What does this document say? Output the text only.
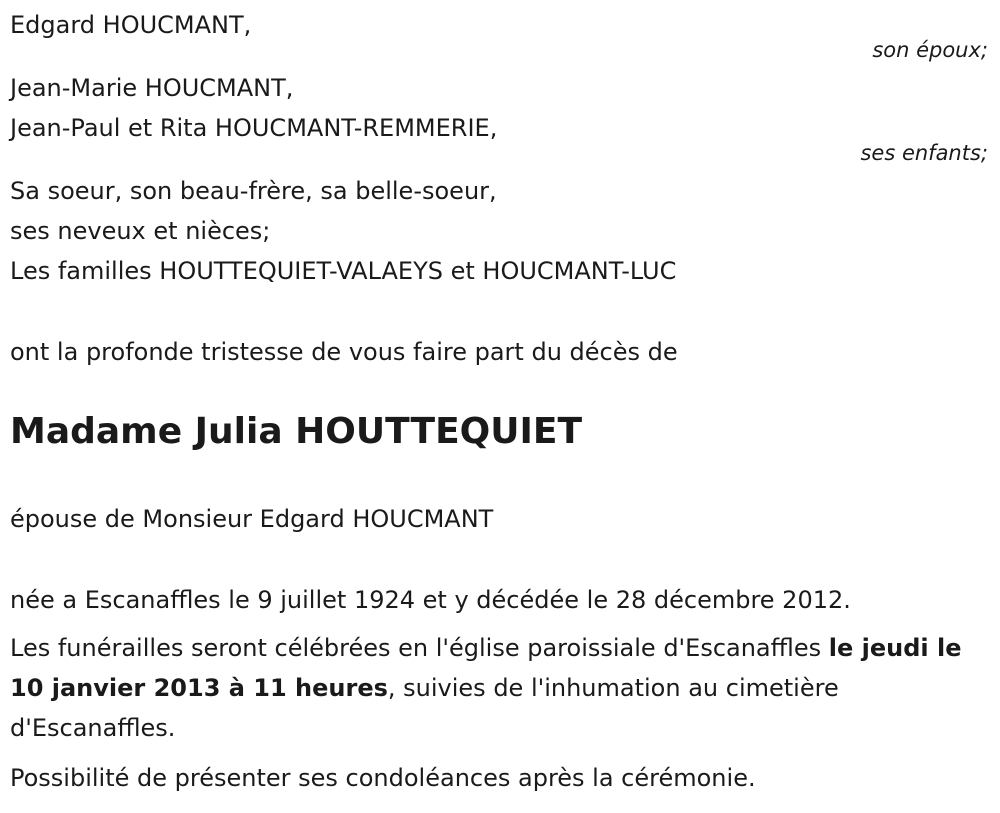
Edgard HOUCMANT,
son époux;
Jean-Marie HOUCMANT,
Jean-Paul et Rita HOUCMANT-REMMERIE,
ses enfants;
Sa soeur, son beau-frère, sa belle-soeur,
ses neveux et nièces;
Les familles HOUTTEQUIET-VALAEYS et HOUCMANT-LUC
ont la profonde tristesse de vous faire part du décès de
Madame Julia HOUTTEQUIET
épouse de Monsieur Edgard HOUCMANT
née a Escanaffles le 9 juillet 1924 et y décédée le 28 décembre 2012.
Les funérailles seront célébrées en l'église paroissiale d'Escanaffles le jeudi le 10 janvier 2013 à 11 heures, suivies de l'inhumation au cimetière d'Escanaffles.
Possibilité de présenter ses condoléances après la cérémonie.
